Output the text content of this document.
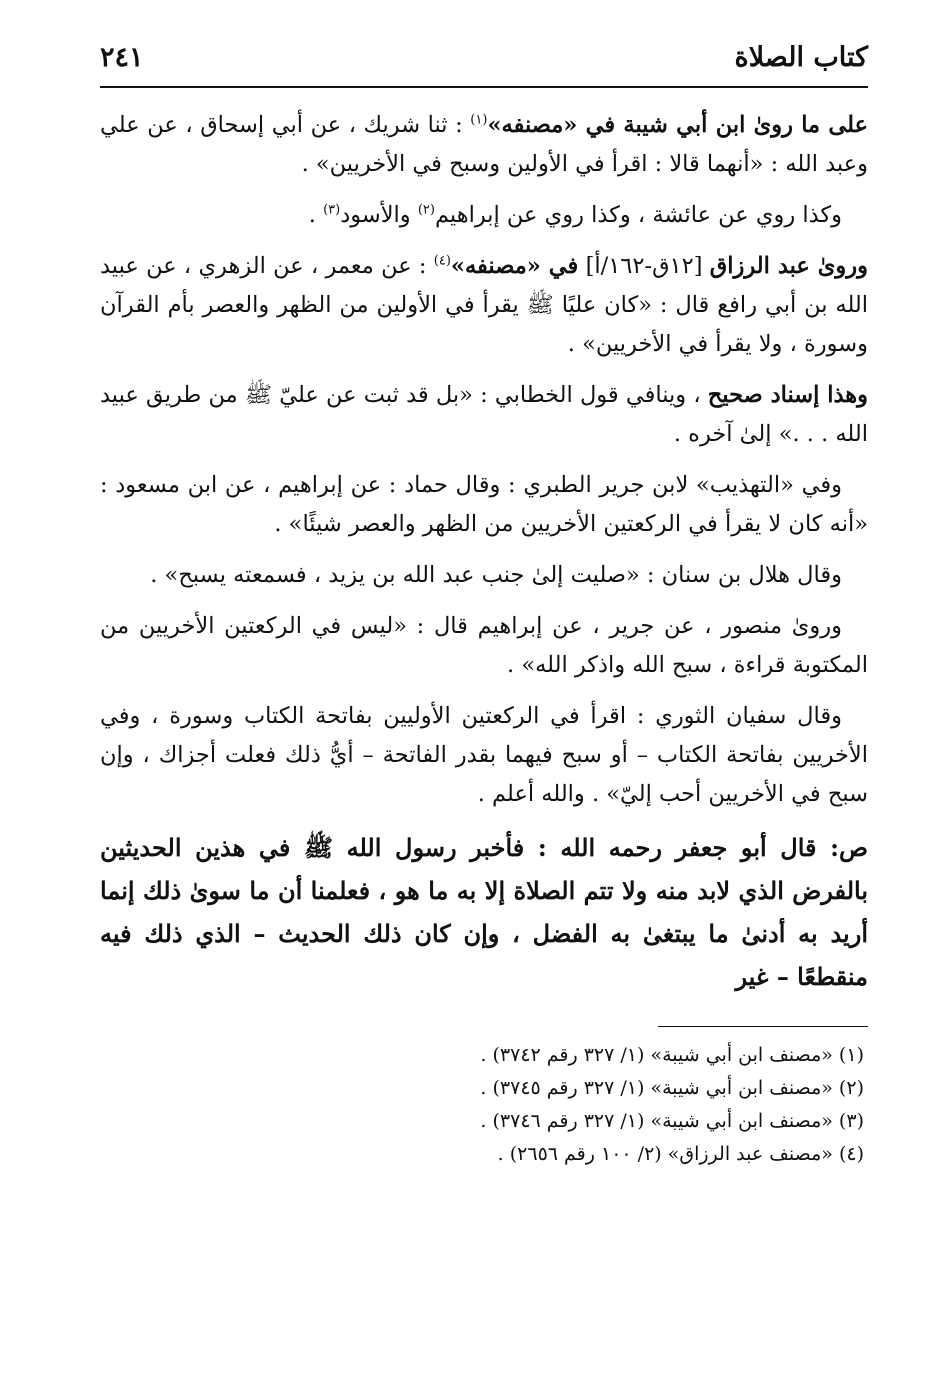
كتاب الصلاة
٢٤١

على ما روىٰ ابن أبي شيبة في «مصنفه»$^{(١)}$ : ثنا شريك ، عن أبي إسحاق ، عن علي وعبد الله : «أنهما قالا : اقرأ في الأولين وسبح في الأخريين» .

وكذا روي عن عائشة ، وكذا روي عن إبراهيم$^{(٢)}$ والأسود$^{(٣)}$ .

وروىٰ عبد الرزاق [١٢ق-١٦٢/أ] في «مصنفه»$^{(٤)}$ : عن معمر ، عن الزهري ، عن عبيد الله بن أبي رافع قال : «كان عليًا ﷺ يقرأ في الأولين من الظهر والعصر بأم القرآن وسورة ، ولا يقرأ في الأخريين» .

وهذا إسناد صحيح ، وينافي قول الخطابي : «بل قد ثبت عن عليّ ﷺ من طريق عبيد الله . . .» إلىٰ آخره .

وفي «التهذيب» لابن جرير الطبري : وقال حماد : عن إبراهيم ، عن ابن مسعود : «أنه كان لا يقرأ في الركعتين الأخريين من الظهر والعصر شيئًا» .

وقال هلال بن سنان : «صليت إلىٰ جنب عبد الله بن يزيد ، فسمعته يسبح» .

وروىٰ منصور ، عن جرير ، عن إبراهيم قال : «ليس في الركعتين الأخريين من المكتوبة قراءة ، سبح الله واذكر الله» .

وقال سفيان الثوري : اقرأ في الركعتين الأوليين بفاتحة الكتاب وسورة ، وفي الأخريين بفاتحة الكتاب – أو سبح فيهما بقدر الفاتحة – أيُّ ذلك فعلت أجزاك ، وإن سبح في الأخريين أحب إليّ» . والله أعلم .

ص: قال أبو جعفر رحمه الله : فأخبر رسول الله ﷺ في هذين الحديثين بالفرض الذي لابد منه ولا تتم الصلاة إلا به ما هو ، فعلمنا أن ما سوىٰ ذلك إنما أريد به أدنىٰ ما يبتغىٰ به الفضل ، وإن كان ذلك الحديث – الذي ذلك فيه منقطعًا – غير

(١) «مصنف ابن أبي شيبة» (١/ ٣٢٧ رقم ٣٧٤٢) .
(٢) «مصنف ابن أبي شيبة» (١/ ٣٢٧ رقم ٣٧٤٥) .
(٣) «مصنف ابن أبي شيبة» (١/ ٣٢٧ رقم ٣٧٤٦) .
(٤) «مصنف عبد الرزاق» (٢/ ١٠٠ رقم ٢٦٥٦) .
